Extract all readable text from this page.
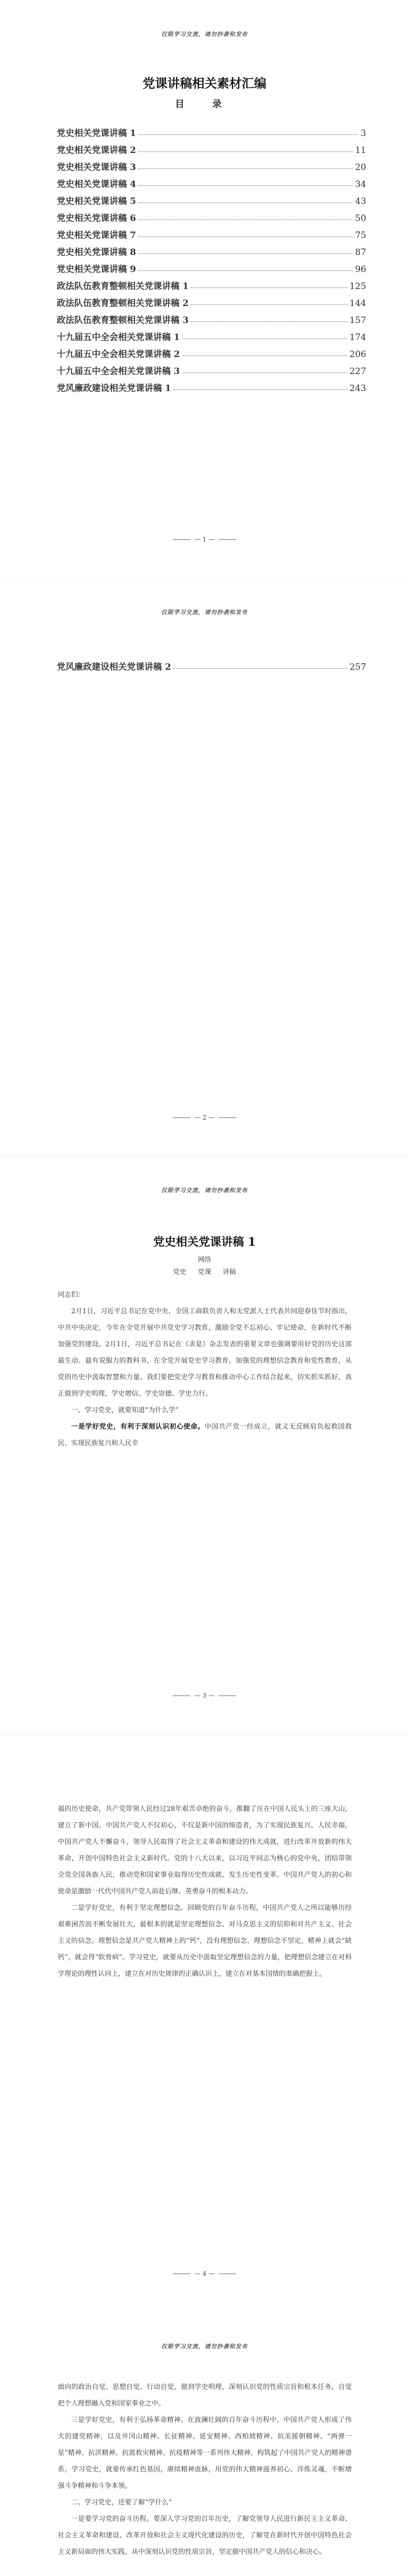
仅限学习交流，请勿抄袭和发布
党课讲稿相关素材汇编
目 录
党史相关党课讲稿 1	3
党史相关党课讲稿 2	11
党史相关党课讲稿 3	20
党史相关党课讲稿 4	34
党史相关党课讲稿 5	43
党史相关党课讲稿 6	50
党史相关党课讲稿 7	75
党史相关党课讲稿 8	87
党史相关党课讲稿 9	96
政法队伍教育整顿相关党课讲稿 1	125
政法队伍教育整顿相关党课讲稿 2	144
政法队伍教育整顿相关党课讲稿 3	157
十九届五中全会相关党课讲稿 1	174
十九届五中全会相关党课讲稿 2	206
十九届五中全会相关党课讲稿 3	227
党风廉政建设相关党课讲稿 1	243
— 1 —
仅限学习交流，请勿抄袭和发布
党风廉政建设相关党课讲稿 2	257
— 2 —
仅限学习交流，请勿抄袭和发布
党史相关党课讲稿 1
网络
党史 党课 讲稿

同志们：

2月1日，习近平总书记在党中央、全国工商联负责人和无党派人士代表共同迎春佳节时指出，中共中央决定，今年在全党开展中共党史学习教育，激励全党不忘初心、牢记使命，在新时代不断加强党的建设。2月1日，习近平总书记在《求是》杂志发表的重要文章也强调要用好党的历史这部最生动、最有说服力的教科书，在全党开展党史学习教育，加强党的理想信念教育和党性教育，从党的历史中汲取智慧和力量。我们要把党史学习教育和推动中心工作结合起来，切实抓实抓好，真正做到学史明理、学史增信、学史崇德、学史力行。

一、学习党史，就要知道“为什么学”

一是学好党史，有利于深刻认识初心使命。中国共产党一经成立，就义无反顾肩负起救国救民、实现民族复兴和人民幸

— 3 —

福的历史使命，共产党带领人民经过28年艰苦卓绝的奋斗，推翻了压在中国人民头上的三座大山，建立了新中国。中国共产党人不仅初心，不仅是新中国的缔造者，为了实现民族复兴、人民幸福，中国共产党人不懈奋斗，领导人民取得了社会主义革命和建设的伟大成就，进行改革开放新的伟大革命，开创中国特色社会主义新时代。党的十八大以来，以习近平同志为核心的党中央，团结带领全党全国各族人民，推动党和国家事业取得历史性成就、发生历史性变革。中国共产党人的初心和使命是激励一代代中国共产党人前赴后继、英勇奋斗的根本动力。

二是学好党史，有利于坚定理想信念。回顾党的百年奋斗历程，中国共产党人之所以能够历经艰难困苦而不断发展壮大，最根本的就是坚定理想信念、对马克思主义的信仰和对共产主义、社会主义的信念。理想信念是共产党人精神上的“钙”，没有理想信念，理想信念不坚定，精神上就会“缺钙”，就会得“软骨病”。学习党史，就要从历史中汲取坚定理想信念的力量，把理想信念建立在对科学理论的理性认同上，建立在对历史规律的正确认识上，建立在对基本国情的准确把握上。

— 4 —
仅限学习交流，请勿抄袭和发布

面向的政治自觉、思想自觉、行动自觉，做到学史明理，深刻认识党的性质宗旨和根本任务，自觉把个人理想融入党和国家事业之中。

三是学好党史，有利于弘扬革命精神。在波澜壮阔的百年奋斗历程中，中国共产党人形成了伟大的建党精神，以及井冈山精神、长征精神、延安精神、西柏坡精神、抗美援朝精神、“两弹一星”精神、抗洪精神、抗震救灾精神、抗疫精神等一系列伟大精神，构筑起了中国共产党人的精神谱系。学习党史，就要传承红色基因，赓续精神血脉，用党的伟大精神滋养初心、淬炼灵魂，不断增强斗争精神和斗争本领。

二、学习党史，还要了解“学什么”

一是要学习党的奋斗历程。要深入学习党的百年历史，了解党领导人民进行新民主主义革命、社会主义革命和建设、改革开放和社会主义现代化建设的历史，了解党在新时代开创中国特色社会主义新局面的伟大实践，从中深刻认识党的性质宗旨，坚定做中国共产党人的信心和决心。
